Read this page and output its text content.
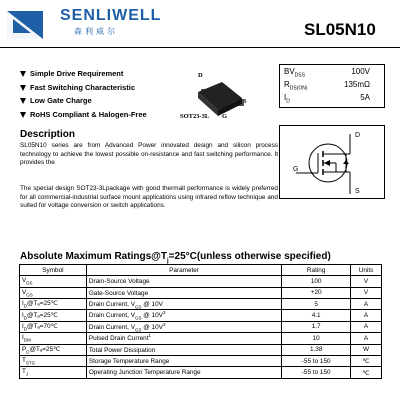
SENLIWELL
森利威尔	SL05N10
Simple Drive Requirement
Fast Switching Characteristic
Low Gate Charge
RoHS Compliant & Halogen-Free
D
S
SOT23-3L G
$BV_{DSS}$	100V
$R_{DS(ON)}$	135mΩ
$I_D$	5A
Description
SL05N10 series are from Advanced Power innovated design and silicon process technology to achieve the lowest possible on-resistance and fast switching performance. It provides the
The special design SOT23-3Lpackage with good thermall performance is widely preferred for all commercial-industrial surface mount applications using infrared reflow technique and suited for voltage conversion or switch applications.
D
G
S
Absolute Maximum $Ratings@T_j=25^\circ C(unless$ otherwise specified)
Symbol	Parameter	Rating	Units
$V_{DS}$	Drain-Source Voltage	100	V
$V_{GS}$	Gate-Source Voltage	+20	V
$I_D@T_a=25℃$	Drain Current, $V_{GS}$ @ 10V	5	A
$I_D@T_a=25℃$	Drain Current, $V_{GS}$ @ $10V^3$	4.1	A
$I_D@T_a=70℃$	Drain Current, $V_{GS}$ @ $10V^3$	1.7	A
$I_{DM}$	Pulsed Drain Current$^1$	10	A
$P_D@T_a=25℃$	Total Power Dissipation	1.38	W
$T_{STG}$	Storage Temperature Range	-55 to 150	℃
$T_J$	Operating Junction Temperature Range	-55 to 150	℃
